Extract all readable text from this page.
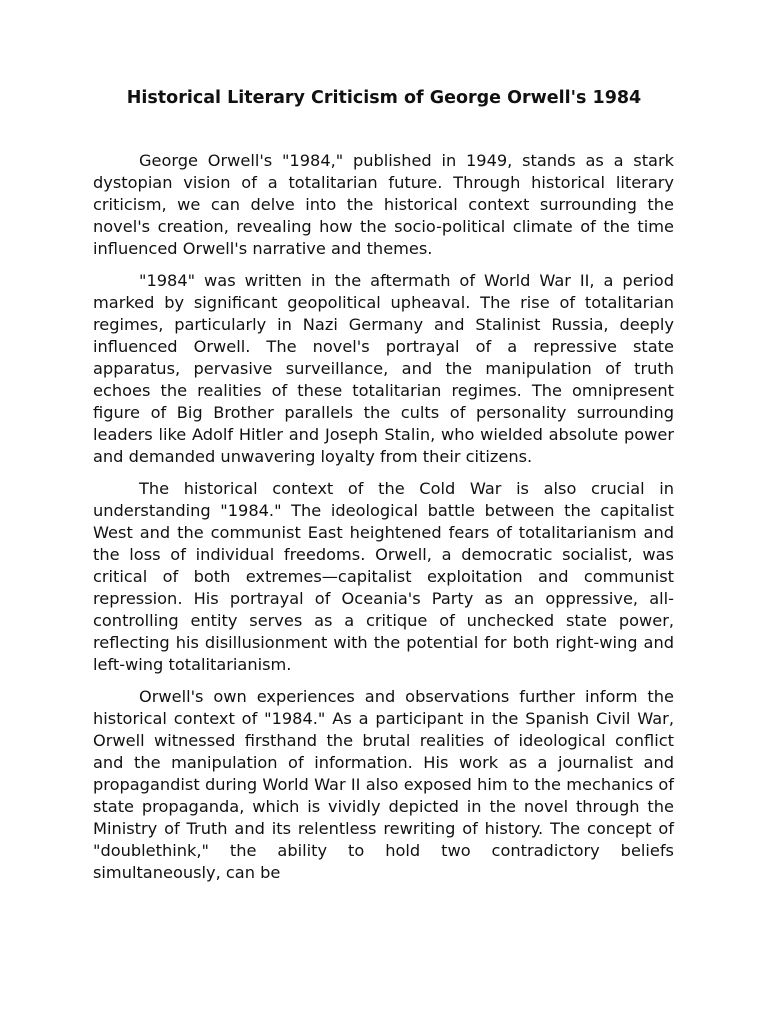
Historical Literary Criticism of George Orwell's 1984

George Orwell's "1984," published in 1949, stands as a stark dystopian vision of a totalitarian future. Through historical literary criticism, we can delve into the historical context surrounding the novel's creation, revealing how the socio-political climate of the time influenced Orwell's narrative and themes.

"1984" was written in the aftermath of World War II, a period marked by significant geopolitical upheaval. The rise of totalitarian regimes, particularly in Nazi Germany and Stalinist Russia, deeply influenced Orwell. The novel's portrayal of a repressive state apparatus, pervasive surveillance, and the manipulation of truth echoes the realities of these totalitarian regimes. The omnipresent figure of Big Brother parallels the cults of personality surrounding leaders like Adolf Hitler and Joseph Stalin, who wielded absolute power and demanded unwavering loyalty from their citizens.

The historical context of the Cold War is also crucial in understanding "1984." The ideological battle between the capitalist West and the communist East heightened fears of totalitarianism and the loss of individual freedoms. Orwell, a democratic socialist, was critical of both extremes—capitalist exploitation and communist repression. His portrayal of Oceania's Party as an oppressive, all-controlling entity serves as a critique of unchecked state power, reflecting his disillusionment with the potential for both right-wing and left-wing totalitarianism.

Orwell's own experiences and observations further inform the historical context of "1984." As a participant in the Spanish Civil War, Orwell witnessed firsthand the brutal realities of ideological conflict and the manipulation of information. His work as a journalist and propagandist during World War II also exposed him to the mechanics of state propaganda, which is vividly depicted in the novel through the Ministry of Truth and its relentless rewriting of history. The concept of "doublethink," the ability to hold two contradictory beliefs simultaneously, can be
